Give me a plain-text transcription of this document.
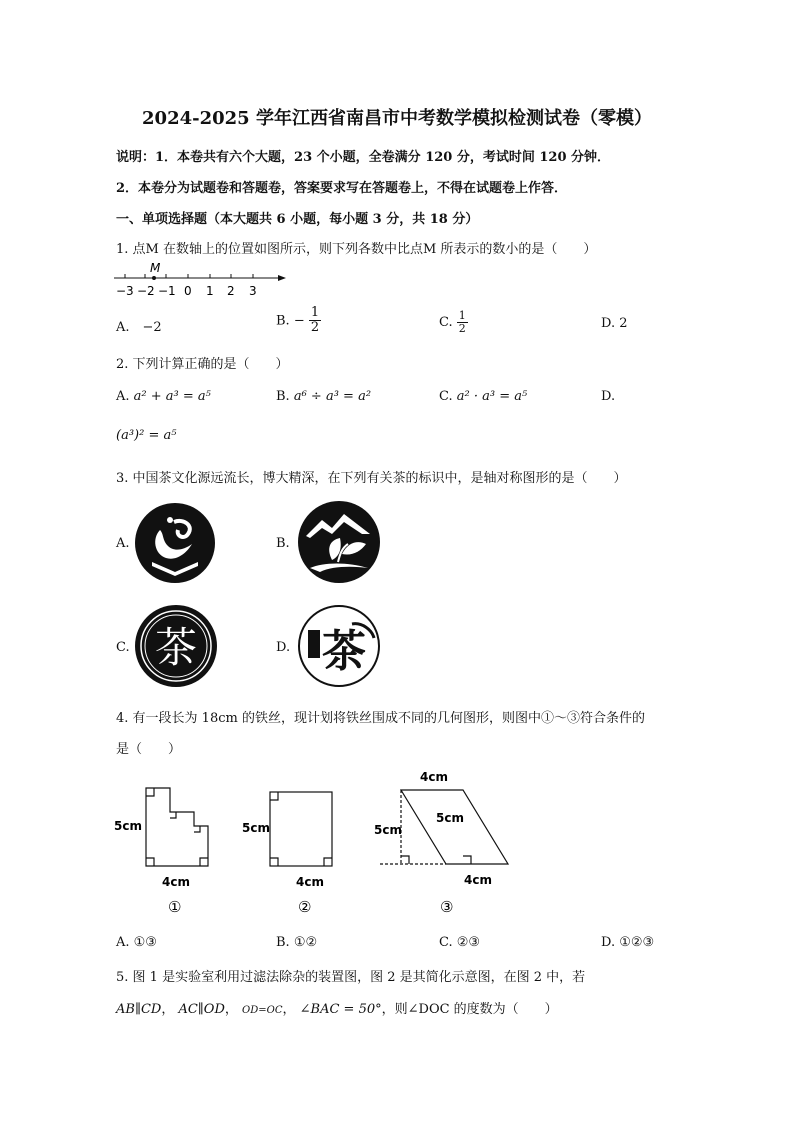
2024-2025 学年江西省南昌市中考数学模拟检测试卷（零模）
说明：1．本卷共有六个大题，23 个小题，全卷满分 120 分，考试时间 120 分钟．
2．本卷分为试题卷和答题卷，答案要求写在答题卷上，不得在试题卷上作答．
一、单项选择题（本大题共 6 小题，每小题 3 分，共 18 分）
1. 点M 在数轴上的位置如图所示，则下列各数中比点M 所表示的数小的是（　　）
M
−3 −2 −1 0 1 2 3
A.　−2	B. − $\frac{1}{2}$	C. $\frac{1}{2}$	D. 2
2. 下列计算正确的是（　　）
A. a² + a³ = a⁵	B. a⁶ ÷ a³ = a²	C. a² · a³ = a⁵	D.
(a³)² = a⁵
3. 中国茶文化源远流长，博大精深，在下列有关茶的标识中，是轴对称图形的是（　　）
A.	B.
C. 茶	D. 茶
4. 有一段长为 18cm 的铁丝，现计划将铁丝围成不同的几何图形，则图中①～③符合条件的
是（　　）
5cm
4cm
①
5cm
4cm
②
4cm
5cm
5cm
4cm
③
A. ①③	B. ①②	C. ②③	D. ①②③
5. 图 1 是实验室利用过滤法除杂的装置图，图 2 是其简化示意图，在图 2 中，若
AB∥CD， AC∥OD， OD=OC， ∠BAC = 50°，则∠DOC 的度数为（　　）
